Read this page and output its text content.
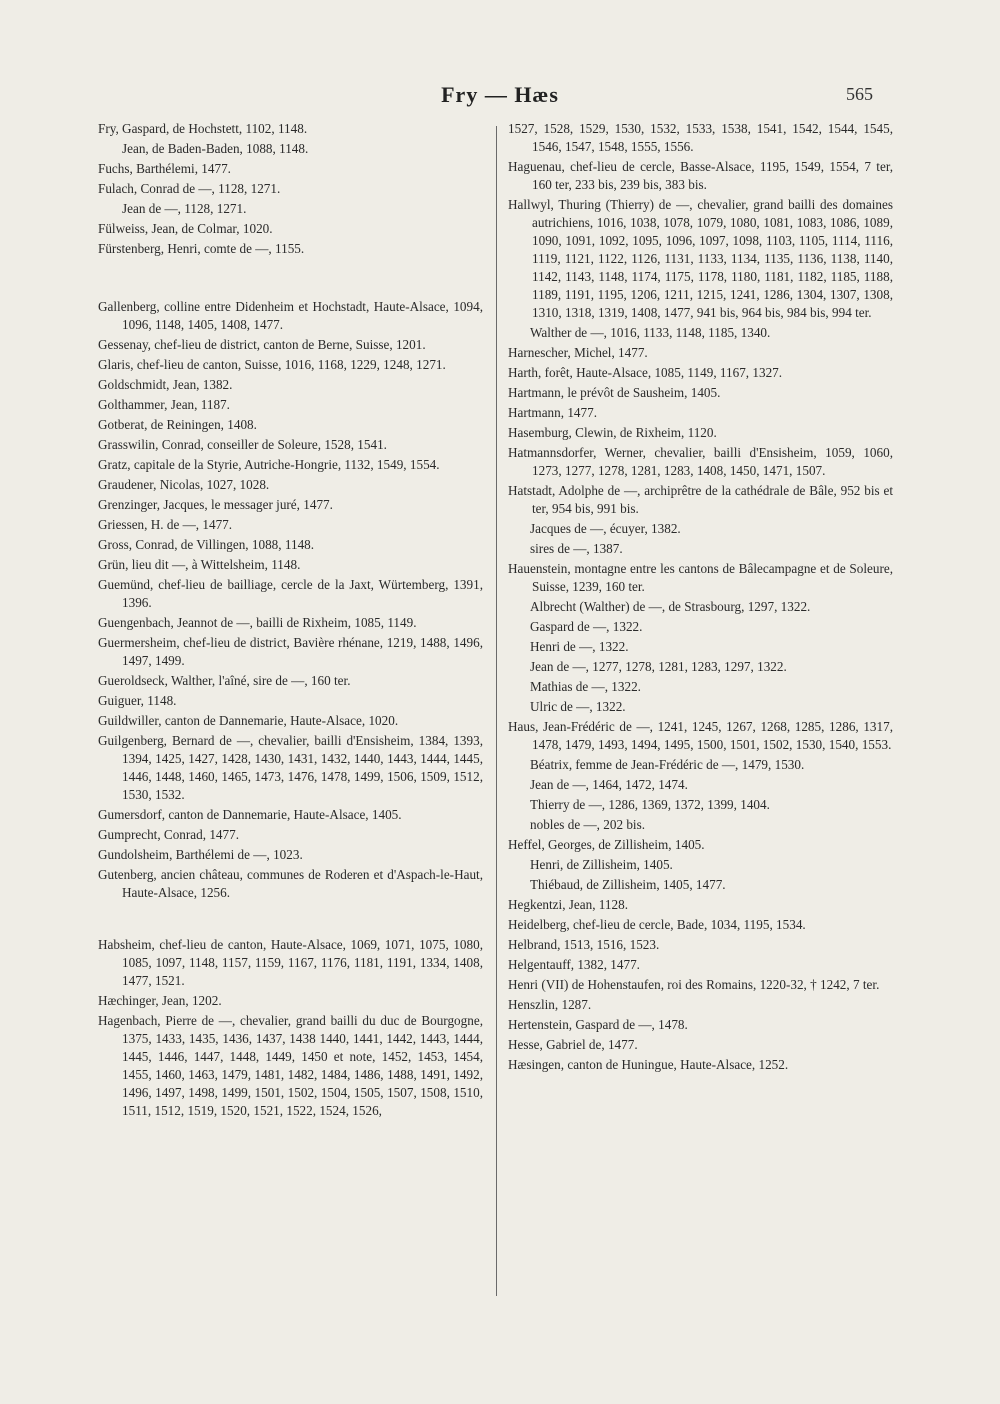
Fry — Hæs	565

Fry, Gaspard, de Hochstett, 1102, 1148.

Jean, de Baden-Baden, 1088, 1148.

Fuchs, Barthélemi, 1477.

Fulach, Conrad de —, 1128, 1271.

Jean de —, 1128, 1271.

Fülweiss, Jean, de Colmar, 1020.

Fürstenberg, Henri, comte de —, 1155.

Gallenberg, colline entre Didenheim et Hochstadt, Haute-Alsace, 1094, 1096, 1148, 1405, 1408, 1477.

Gessenay, chef-lieu de district, canton de Berne, Suisse, 1201.

Glaris, chef-lieu de canton, Suisse, 1016, 1168, 1229, 1248, 1271.

Goldschmidt, Jean, 1382.

Golthammer, Jean, 1187.

Gotberat, de Reiningen, 1408.

Grasswilin, Conrad, conseiller de Soleure, 1528, 1541.

Gratz, capitale de la Styrie, Autriche-Hongrie, 1132, 1549, 1554.

Graudener, Nicolas, 1027, 1028.

Grenzinger, Jacques, le messager juré, 1477.

Griessen, H. de —, 1477.

Gross, Conrad, de Villingen, 1088, 1148.

Grün, lieu dit —, à Wittelsheim, 1148.

Guemünd, chef-lieu de bailliage, cercle de la Jaxt, Würtemberg, 1391, 1396.

Guengenbach, Jeannot de —, bailli de Rixheim, 1085, 1149.

Guermersheim, chef-lieu de district, Bavière rhénane, 1219, 1488, 1496, 1497, 1499.

Gueroldseck, Walther, l'aîné, sire de —, 160 ter.

Guiguer, 1148.

Guildwiller, canton de Dannemarie, Haute-Alsace, 1020.

Guilgenberg, Bernard de —, chevalier, bailli d'Ensisheim, 1384, 1393, 1394, 1425, 1427, 1428, 1430, 1431, 1432, 1440, 1443, 1444, 1445, 1446, 1448, 1460, 1465, 1473, 1476, 1478, 1499, 1506, 1509, 1512, 1530, 1532.

Gumersdorf, canton de Dannemarie, Haute-Alsace, 1405.

Gumprecht, Conrad, 1477.

Gundolsheim, Barthélemi de —, 1023.

Gutenberg, ancien château, communes de Roderen et d'Aspach-le-Haut, Haute-Alsace, 1256.

Habsheim, chef-lieu de canton, Haute-Alsace, 1069, 1071, 1075, 1080, 1085, 1097, 1148, 1157, 1159, 1167, 1176, 1181, 1191, 1334, 1408, 1477, 1521.

Hæchinger, Jean, 1202.

Hagenbach, Pierre de —, chevalier, grand bailli du duc de Bourgogne, 1375, 1433, 1435, 1436, 1437, 1438 1440, 1441, 1442, 1443, 1444, 1445, 1446, 1447, 1448, 1449, 1450 et note, 1452, 1453, 1454, 1455, 1460, 1463, 1479, 1481, 1482, 1484, 1486, 1488, 1491, 1492, 1496, 1497, 1498, 1499, 1501, 1502, 1504, 1505, 1507, 1508, 1510, 1511, 1512, 1519, 1520, 1521, 1522, 1524, 1526,

1527, 1528, 1529, 1530, 1532, 1533, 1538, 1541, 1542, 1544, 1545, 1546, 1547, 1548, 1555, 1556.

Haguenau, chef-lieu de cercle, Basse-Alsace, 1195, 1549, 1554, 7 ter, 160 ter, 233 bis, 239 bis, 383 bis.

Hallwyl, Thuring (Thierry) de —, chevalier, grand bailli des domaines autrichiens, 1016, 1038, 1078, 1079, 1080, 1081, 1083, 1086, 1089, 1090, 1091, 1092, 1095, 1096, 1097, 1098, 1103, 1105, 1114, 1116, 1119, 1121, 1122, 1126, 1131, 1133, 1134, 1135, 1136, 1138, 1140, 1142, 1143, 1148, 1174, 1175, 1178, 1180, 1181, 1182, 1185, 1188, 1189, 1191, 1195, 1206, 1211, 1215, 1241, 1286, 1304, 1307, 1308, 1310, 1318, 1319, 1408, 1477, 941 bis, 964 bis, 984 bis, 994 ter.

Walther de —, 1016, 1133, 1148, 1185, 1340.

Harnescher, Michel, 1477.

Harth, forêt, Haute-Alsace, 1085, 1149, 1167, 1327.

Hartmann, le prévôt de Sausheim, 1405.

Hartmann, 1477.

Hasemburg, Clewin, de Rixheim, 1120.

Hatmannsdorfer, Werner, chevalier, bailli d'Ensisheim, 1059, 1060, 1273, 1277, 1278, 1281, 1283, 1408, 1450, 1471, 1507.

Hatstadt, Adolphe de —, archiprêtre de la cathédrale de Bâle, 952 bis et ter, 954 bis, 991 bis.

Jacques de —, écuyer, 1382.

sires de —, 1387.

Hauenstein, montagne entre les cantons de Bâlecampagne et de Soleure, Suisse, 1239, 160 ter.

Albrecht (Walther) de —, de Strasbourg, 1297, 1322.

Gaspard de —, 1322.

Henri de —, 1322.

Jean de —, 1277, 1278, 1281, 1283, 1297, 1322.

Mathias de —, 1322.

Ulric de —, 1322.

Haus, Jean-Frédéric de —, 1241, 1245, 1267, 1268, 1285, 1286, 1317, 1478, 1479, 1493, 1494, 1495, 1500, 1501, 1502, 1530, 1540, 1553.

Béatrix, femme de Jean-Frédéric de —, 1479, 1530.

Jean de —, 1464, 1472, 1474.

Thierry de —, 1286, 1369, 1372, 1399, 1404.

nobles de —, 202 bis.

Heffel, Georges, de Zillisheim, 1405.

Henri, de Zillisheim, 1405.

Thiébaud, de Zillisheim, 1405, 1477.

Hegkentzi, Jean, 1128.

Heidelberg, chef-lieu de cercle, Bade, 1034, 1195, 1534.

Helbrand, 1513, 1516, 1523.

Helgentauff, 1382, 1477.

Henri (VII) de Hohenstaufen, roi des Romains, 1220-32, † 1242, 7 ter.

Henszlin, 1287.

Hertenstein, Gaspard de —, 1478.

Hesse, Gabriel de, 1477.

Hæsingen, canton de Huningue, Haute-Alsace, 1252.
